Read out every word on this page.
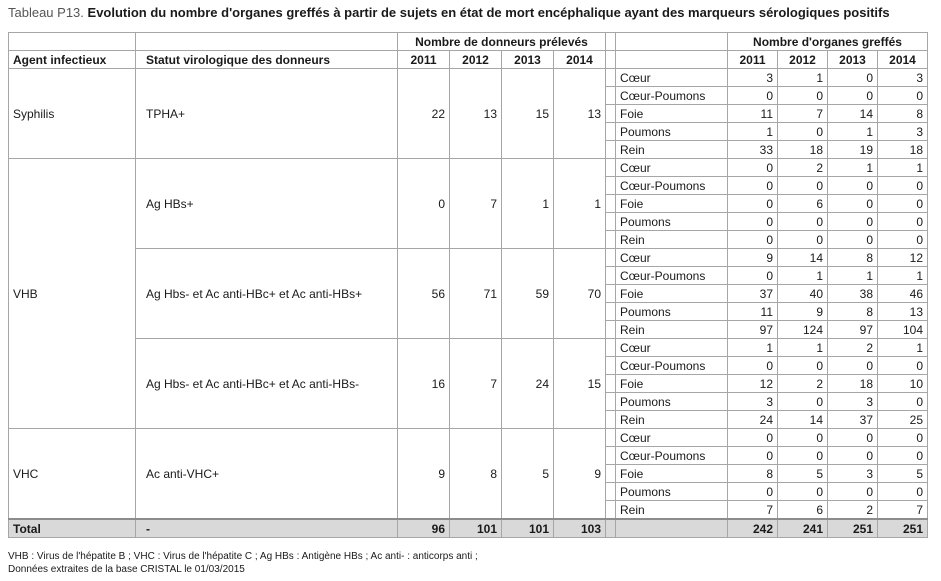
Tableau P13. Evolution du nombre d'organes greffés à partir de sujets en état de mort encéphalique ayant des marqueurs sérologiques positifs
		Nombre de donneurs prélevés						Nombre d'organes greffés			
Agent infectieux	Statut virologique des donneurs	2011	2012	2013	2014			2011	2012	2013	2014
Syphilis	TPHA+	22	13	15	13		Cœur	3	1	0	3
							Cœur-Poumons	0	0	0	0
							Foie	11	7	14	8
							Poumons	1	0	1	3
							Rein	33	18	19	18
VHB	Ag HBs+	0	7	1	1		Cœur	0	2	1	1
							Cœur-Poumons	0	0	0	0
							Foie	0	6	0	0
							Poumons	0	0	0	0
							Rein	0	0	0	0
	Ag Hbs- et Ac anti-HBc+ et Ac anti-HBs+	56	71	59	70		Cœur	9	14	8	12
							Cœur-Poumons	0	1	1	1
							Foie	37	40	38	46
							Poumons	11	9	8	13
							Rein	97	124	97	104
	Ag Hbs- et Ac anti-HBc+ et Ac anti-HBs-	16	7	24	15		Cœur	1	1	2	1
							Cœur-Poumons	0	0	0	0
							Foie	12	2	18	10
							Poumons	3	0	3	0
							Rein	24	14	37	25
VHC	Ac anti-VHC+	9	8	5	9		Cœur	0	0	0	0
							Cœur-Poumons	0	0	0	0
							Foie	8	5	3	5
							Poumons	0	0	0	0
							Rein	7	6	2	7
Total	-	96	101	101	103			242	241	251	251
VHB : Virus de l'hépatite B ; VHC : Virus de l'hépatite C ; Ag HBs : Antigène HBs ; Ac anti- : anticorps anti ;
Données extraites de la base CRISTAL le 01/03/2015
